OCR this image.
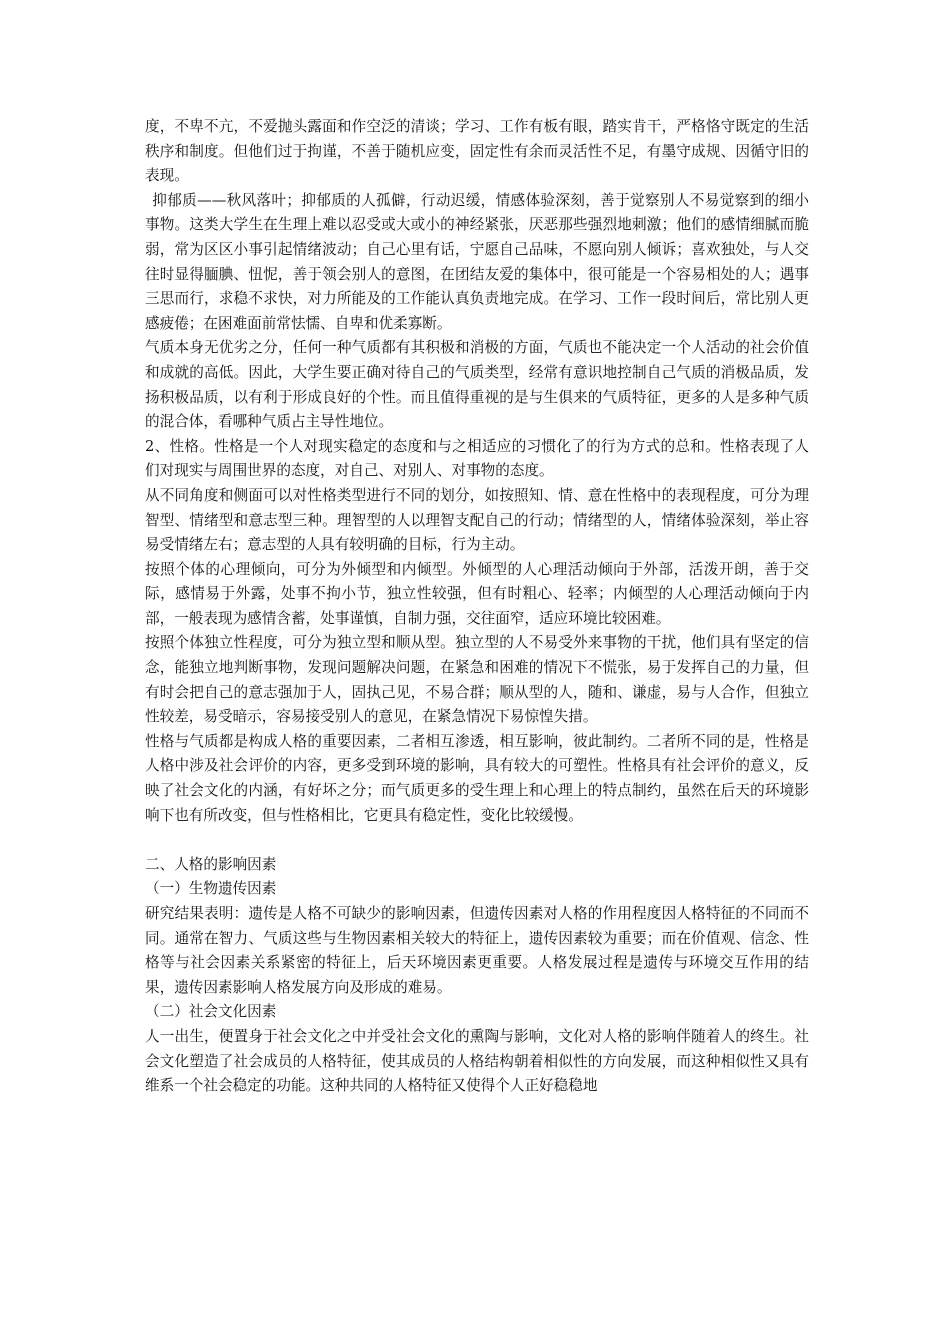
度，不卑不亢，不爱抛头露面和作空泛的清谈；学习、工作有板有眼，踏实肯干，严格恪守既定的生活秩序和制度。但他们过于拘谨，不善于随机应变，固定性有余而灵活性不足，有墨守成规、因循守旧的表现。

抑郁质——秋风落叶；抑郁质的人孤僻，行动迟缓，情感体验深刻，善于觉察别人不易觉察到的细小事物。这类大学生在生理上难以忍受或大或小的神经紧张，厌恶那些强烈地刺激；他们的感情细腻而脆弱，常为区区小事引起情绪波动；自己心里有话，宁愿自己品味，不愿向别人倾诉；喜欢独处，与人交往时显得腼腆、忸怩，善于领会别人的意图，在团结友爱的集体中，很可能是一个容易相处的人；遇事三思而行，求稳不求快，对力所能及的工作能认真负责地完成。在学习、工作一段时间后，常比别人更感疲倦；在困难面前常怯懦、自卑和优柔寡断。

气质本身无优劣之分，任何一种气质都有其积极和消极的方面，气质也不能决定一个人活动的社会价值和成就的高低。因此，大学生要正确对待自己的气质类型，经常有意识地控制自己气质的消极品质，发扬积极品质，以有利于形成良好的个性。而且值得重视的是与生俱来的气质特征，更多的人是多种气质的混合体，看哪种气质占主导性地位。

2、性格。性格是一个人对现实稳定的态度和与之相适应的习惯化了的行为方式的总和。性格表现了人们对现实与周围世界的态度，对自己、对别人、对事物的态度。

从不同角度和侧面可以对性格类型进行不同的划分，如按照知、情、意在性格中的表现程度，可分为理智型、情绪型和意志型三种。理智型的人以理智支配自己的行动；情绪型的人，情绪体验深刻，举止容易受情绪左右；意志型的人具有较明确的目标，行为主动。

按照个体的心理倾向，可分为外倾型和内倾型。外倾型的人心理活动倾向于外部，活泼开朗，善于交际，感情易于外露，处事不拘小节，独立性较强，但有时粗心、轻率；内倾型的人心理活动倾向于内部，一般表现为感情含蓄，处事谨慎，自制力强，交往面窄，适应环境比较困难。

按照个体独立性程度，可分为独立型和顺从型。独立型的人不易受外来事物的干扰，他们具有坚定的信念，能独立地判断事物，发现问题解决问题，在紧急和困难的情况下不慌张，易于发挥自己的力量，但有时会把自己的意志强加于人，固执己见，不易合群；顺从型的人，随和、谦虚，易与人合作，但独立性较差，易受暗示，容易接受别人的意见，在紧急情况下易惊惶失措。

性格与气质都是构成人格的重要因素，二者相互渗透，相互影响，彼此制约。二者所不同的是，性格是人格中涉及社会评价的内容，更多受到环境的影响，具有较大的可塑性。性格具有社会评价的意义，反映了社会文化的内涵，有好坏之分；而气质更多的受生理上和心理上的特点制约，虽然在后天的环境影响下也有所改变，但与性格相比，它更具有稳定性，变化比较缓慢。

二、人格的影响因素

（一）生物遗传因素

研究结果表明：遗传是人格不可缺少的影响因素，但遗传因素对人格的作用程度因人格特征的不同而不同。通常在智力、气质这些与生物因素相关较大的特征上，遗传因素较为重要；而在价值观、信念、性格等与社会因素关系紧密的特征上，后天环境因素更重要。人格发展过程是遗传与环境交互作用的结果，遗传因素影响人格发展方向及形成的难易。

（二）社会文化因素

人一出生，便置身于社会文化之中并受社会文化的熏陶与影响，文化对人格的影响伴随着人的终生。社会文化塑造了社会成员的人格特征，使其成员的人格结构朝着相似性的方向发展，而这种相似性又具有维系一个社会稳定的功能。这种共同的人格特征又使得个人正好稳稳地
